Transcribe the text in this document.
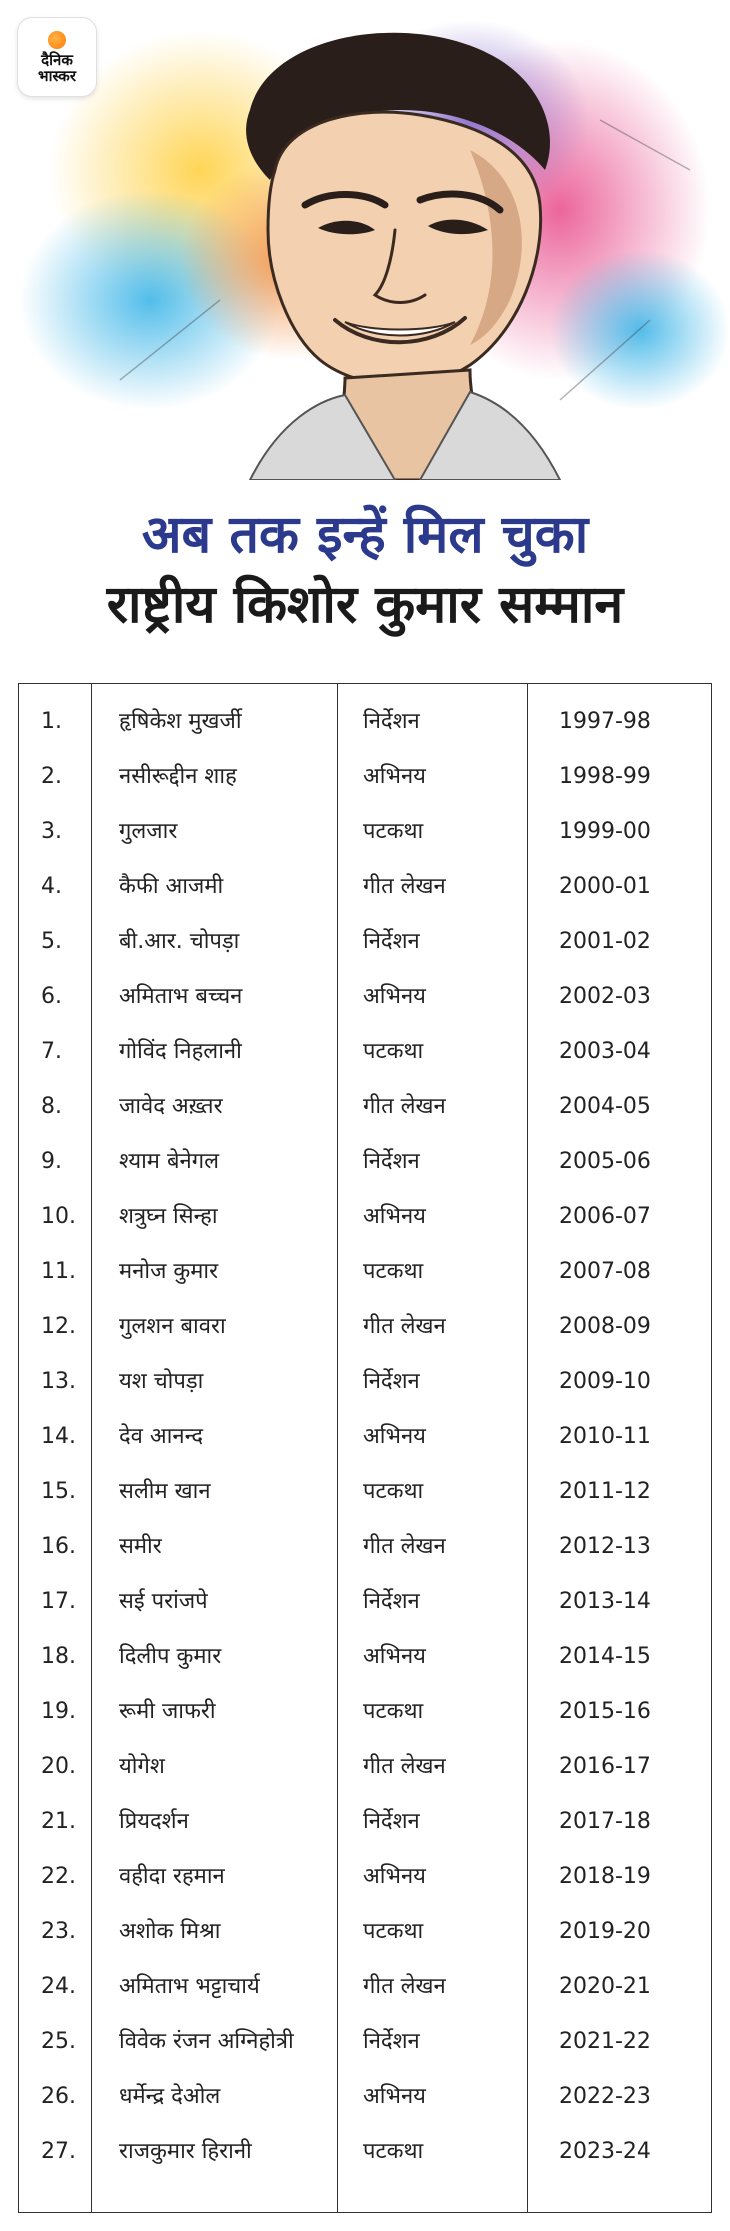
दैनिक
भास्कर
अब तक इन्हें मिल चुका
राष्ट्रीय किशोर कुमार सम्मान
1.	हृषिकेश मुखर्जी	निर्देशन	1997-98
2.	नसीरूद्दीन शाह	अभिनय	1998-99
3.	गुलजार	पटकथा	1999-00
4.	कैफी आजमी	गीत लेखन	2000-01
5.	बी.आर. चोपड़ा	निर्देशन	2001-02
6.	अमिताभ बच्चन	अभिनय	2002-03
7.	गोविंद निहलानी	पटकथा	2003-04
8.	जावेद अख़्तर	गीत लेखन	2004-05
9.	श्याम बेनेगल	निर्देशन	2005-06
10.	शत्रुघ्न सिन्हा	अभिनय	2006-07
11.	मनोज कुमार	पटकथा	2007-08
12.	गुलशन बावरा	गीत लेखन	2008-09
13.	यश चोपड़ा	निर्देशन	2009-10
14.	देव आनन्द	अभिनय	2010-11
15.	सलीम खान	पटकथा	2011-12
16.	समीर	गीत लेखन	2012-13
17.	सई परांजपे	निर्देशन	2013-14
18.	दिलीप कुमार	अभिनय	2014-15
19.	रूमी जाफरी	पटकथा	2015-16
20.	योगेश	गीत लेखन	2016-17
21.	प्रियदर्शन	निर्देशन	2017-18
22.	वहीदा रहमान	अभिनय	2018-19
23.	अशोक मिश्रा	पटकथा	2019-20
24.	अमिताभ भट्टाचार्य	गीत लेखन	2020-21
25.	विवेक रंजन अग्निहोत्री	निर्देशन	2021-22
26.	धर्मेन्द्र देओल	अभिनय	2022-23
27.	राजकुमार हिरानी	पटकथा	2023-24
